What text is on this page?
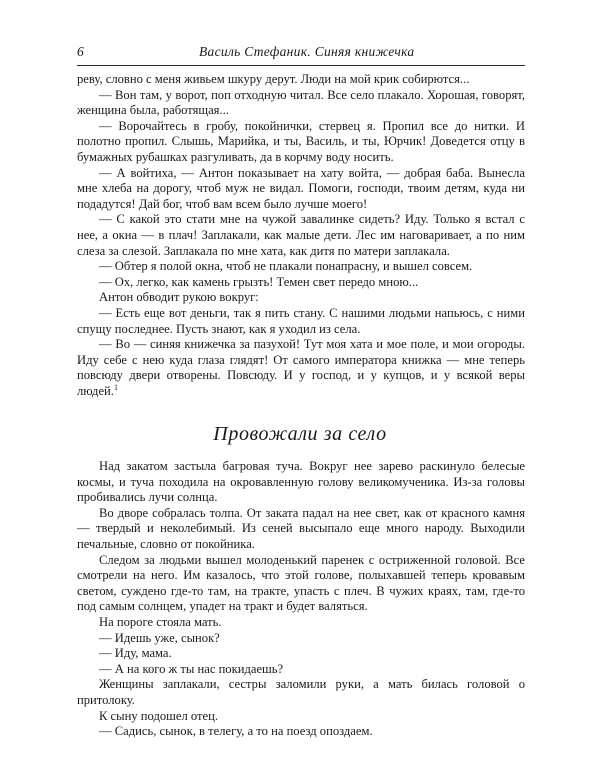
6	Василь Стефаник. Синяя книжечка

реву, словно с меня живьем шкуру дерут. Люди на мой крик собирются...

— Вон там, у ворот, поп отходную читал. Все село плакало. Хорошая, говорят, женщина была, работящая...

— Ворочайтесь в гробу, покойнички, стервец я. Пропил все до нитки. И полотно пропил. Слышь, Марийка, и ты, Василь, и ты, Юрчик! Доведется отцу в бумажных рубашках разгуливать, да в корчму воду носить.

— А войтиха, — Антон показывает на хату войта, — добрая баба. Вынесла мне хлеба на дорогу, чтоб муж не видал. Помоги, господи, твоим детям, куда ни подадутся! Дай бог, чтоб вам всем было лучше моего!

— С какой это стати мне на чужой завалинке сидеть? Иду. Только я встал с нее, а окна — в плач! Заплакали, как малые дети. Лес им наговаривает, а по ним слеза за слезой. Заплакала по мне хата, как дитя по матери заплакала.

— Обтер я полой окна, чтоб не плакали понапрасну, и вышел совсем.

— Ох, легко, как камень грызть! Темен свет передо мною...

Антон обводит рукою вокруг:

— Есть еще вот деньги, так я пить стану. С нашими людьми напьюсь, с ними спущу последнее. Пусть знают, как я уходил из села.

— Во — синяя книжечка за пазухой! Тут моя хата и мое поле, и мои огороды. Иду себе с нею куда глаза глядят! От самого императора книжка — мне теперь повсюду двери отворены. Повсюду. И у господ, и у купцов, и у всякой веры людей.$^1$

Провожали за село

Над закатом застыла багровая туча. Вокруг нее зарево раскинуло белесые космы, и туча походила на окровавленную голову великомученика. Из-за головы пробивались лучи солнца.

Во дворе собралась толпа. От заката падал на нее свет, как от красного камня — твердый и неколебимый. Из сеней высыпало еще много народу. Выходили печальные, словно от покойника.

Следом за людьми вышел молоденький паренек с остриженной головой. Все смотрели на него. Им казалось, что этой голове, полыхавшей теперь кровавым светом, суждено где-то там, на тракте, упасть с плеч. В чужих краях, там, где-то под самым солнцем, упадет на тракт и будет валяться.

На пороге стояла мать.

— Идешь уже, сынок?

— Иду, мама.

— А на кого ж ты нас покидаешь?

Женщины заплакали, сестры заломили руки, а мать билась головой о притолоку.

К сыну подошел отец.

— Садись, сынок, в телегу, а то на поезд опоздаем.
